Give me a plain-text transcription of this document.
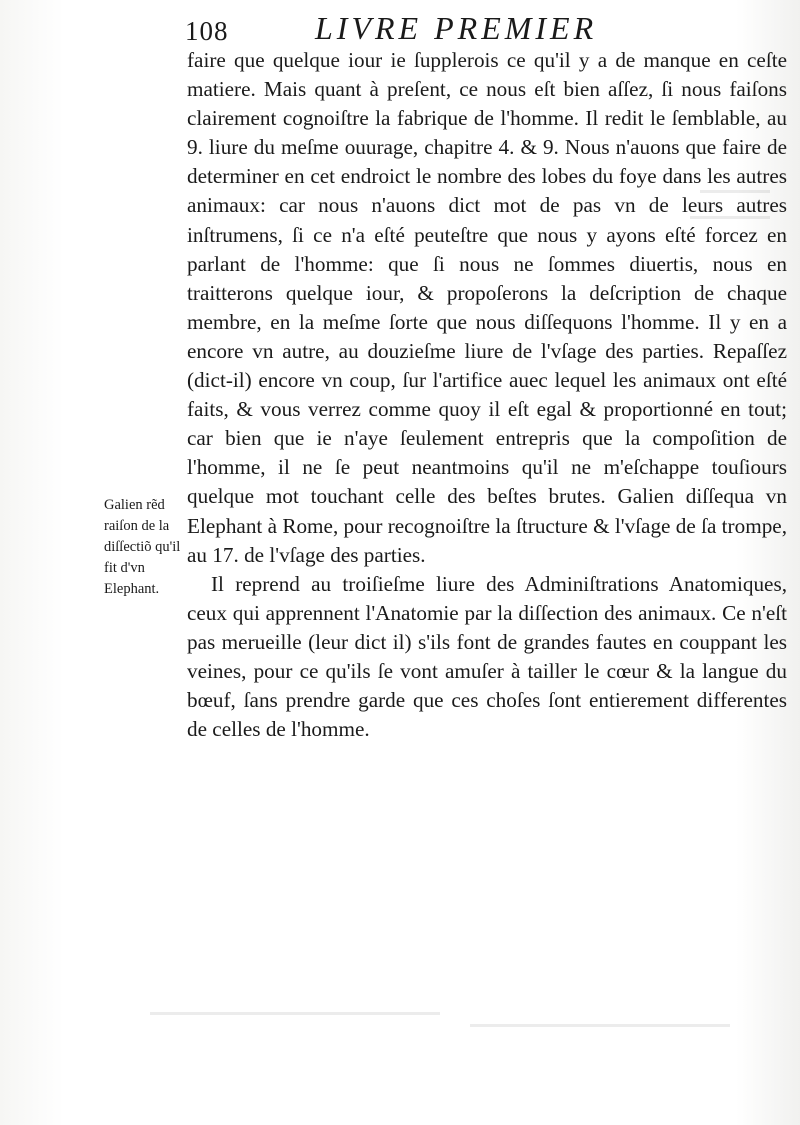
108	LIVRE PREMIER
Galien rẽd raiſon de la diſſectiõ qu'il fit d'vn Elephant.

faire que quelque iour ie ſupplerois ce qu'il y a de manque en ceſte matiere. Mais quant à preſent, ce nous eſt bien aſſez, ſi nous faiſons clairement cognoiſtre la fabrique de l'homme. Il redit le ſemblable, au 9. liure du meſme ouurage, chapitre 4. & 9. Nous n'auons que faire de determiner en cet endroict le nombre des lobes du foye dans les autres animaux: car nous n'auons dict mot de pas vn de leurs autres inſtrumens, ſi ce n'a eſté peuteſtre que nous y ayons eſté forcez en parlant de l'homme: que ſi nous ne ſommes diuertis, nous en traitterons quelque iour, & propoſerons la deſcription de chaque membre, en la meſme ſorte que nous diſſequons l'homme. Il y en a encore vn autre, au douzieſme liure de l'vſage des parties. Repaſſez (dict-il) encore vn coup, ſur l'artifice auec lequel les animaux ont eſté faits, & vous verrez comme quoy il eſt egal & proportionné en tout; car bien que ie n'aye ſeulement entrepris que la compoſition de l'homme, il ne ſe peut neantmoins qu'il ne m'eſchappe touſiours quelque mot touchant celle des beſtes brutes. Galien diſſequa vn Elephant à Rome, pour recognoiſtre la ſtructure & l'vſage de ſa trompe, au 17. de l'vſage des parties.

Il reprend au troiſieſme liure des Adminiſtrations Anatomiques, ceux qui apprennent l'Anatomie par la diſſection des animaux. Ce n'eſt pas merueille (leur dict il) s'ils font de grandes fautes en couppant les veines, pour ce qu'ils ſe vont amuſer à tailler le cœur & la langue du bœuf, ſans prendre garde que ces choſes ſont entierement differentes de celles de l'homme.
